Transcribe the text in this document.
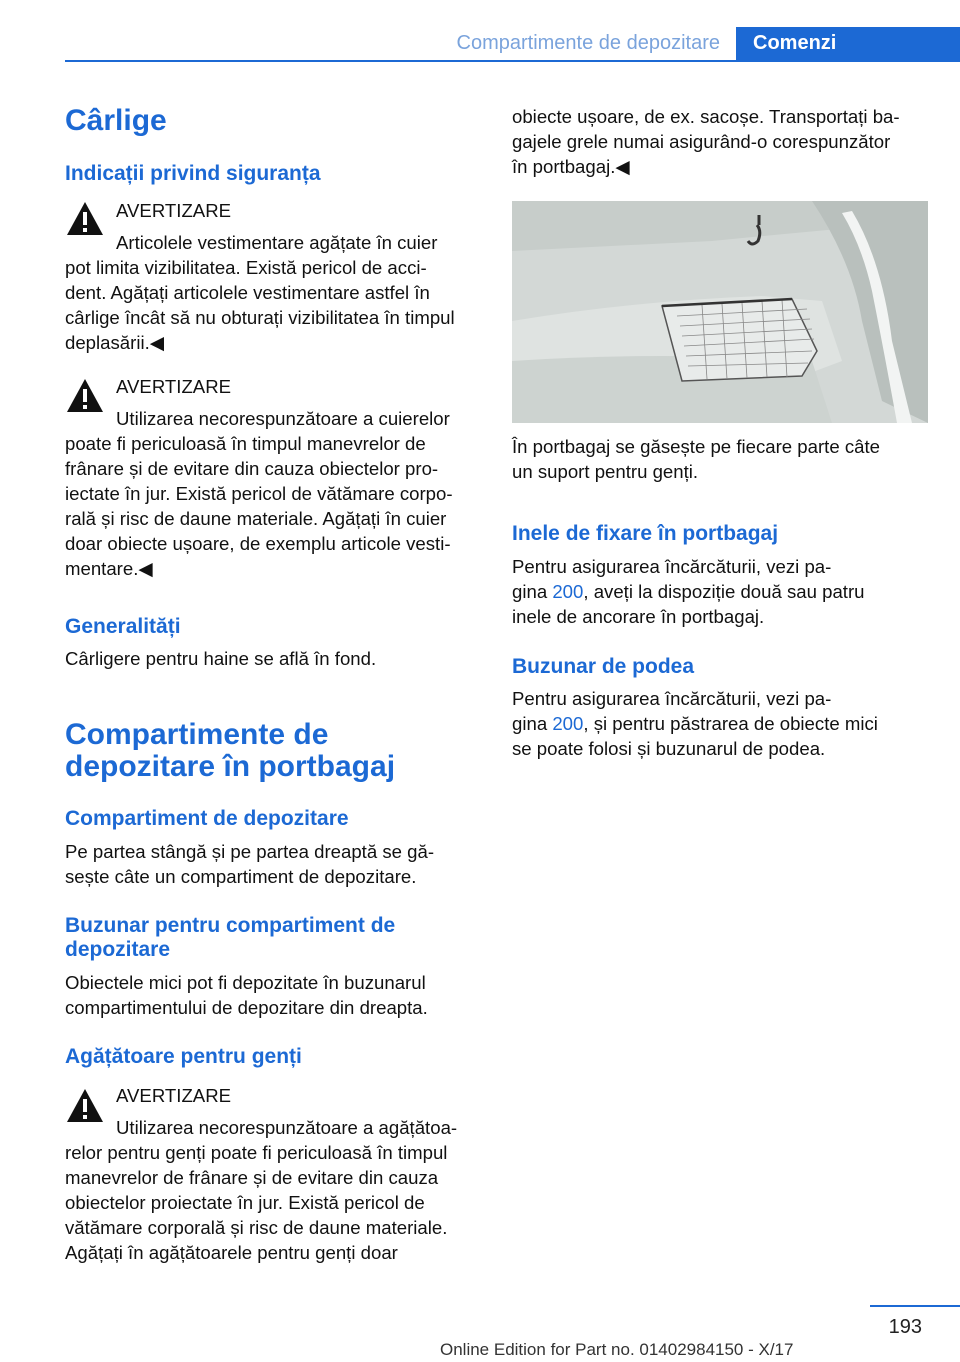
Compartimente de depozitare	Comenzi
Cârlige
Indicații privind siguranța
AVERTIZARE
Articolele vestimentare agățate în cuier
pot limita vizibilitatea. Există pericol de acci-
dent. Agățați articolele vestimentare astfel în
cârlige încât să nu obturați vizibilitatea în timpul
deplasării.◀
AVERTIZARE
Utilizarea necorespunzătoare a cuierelor
poate fi periculoasă în timpul manevrelor de
frânare și de evitare din cauza obiectelor pro-
iectate în jur. Există pericol de vătămare corpo-
rală și risc de daune materiale. Agățați în cuier
doar obiecte ușoare, de exemplu articole vesti-
mentare.◀
Generalități
Cârligere pentru haine se află în fond.
Compartimente de
depozitare în portbagaj
Compartiment de depozitare
Pe partea stângă și pe partea dreaptă se gă-
sește câte un compartiment de depozitare.
Buzunar pentru compartiment de
depozitare
Obiectele mici pot fi depozitate în buzunarul
compartimentului de depozitare din dreapta.
Agățătoare pentru genți
AVERTIZARE
Utilizarea necorespunzătoare a agățătoa-
relor pentru genți poate fi periculoasă în timpul
manevrelor de frânare și de evitare din cauza
obiectelor proiectate în jur. Există pericol de
vătămare corporală și risc de daune materiale.
Agățați în agățătoarele pentru genți doar
obiecte ușoare, de ex. sacoșe. Transportați ba-
gajele grele numai asigurând-o corespunzător
în portbagaj.◀
În portbagaj se găsește pe fiecare parte câte
un suport pentru genți.
Inele de fixare în portbagaj
Pentru asigurarea încărcăturii, vezi pa-
gina 200, aveți la dispoziție două sau patru
inele de ancorare în portbagaj.
Buzunar de podea
Pentru asigurarea încărcăturii, vezi pa-
gina 200, și pentru păstrarea de obiecte mici
se poate folosi și buzunarul de podea.
193
Online Edition for Part no. 01402984150 - X/17
